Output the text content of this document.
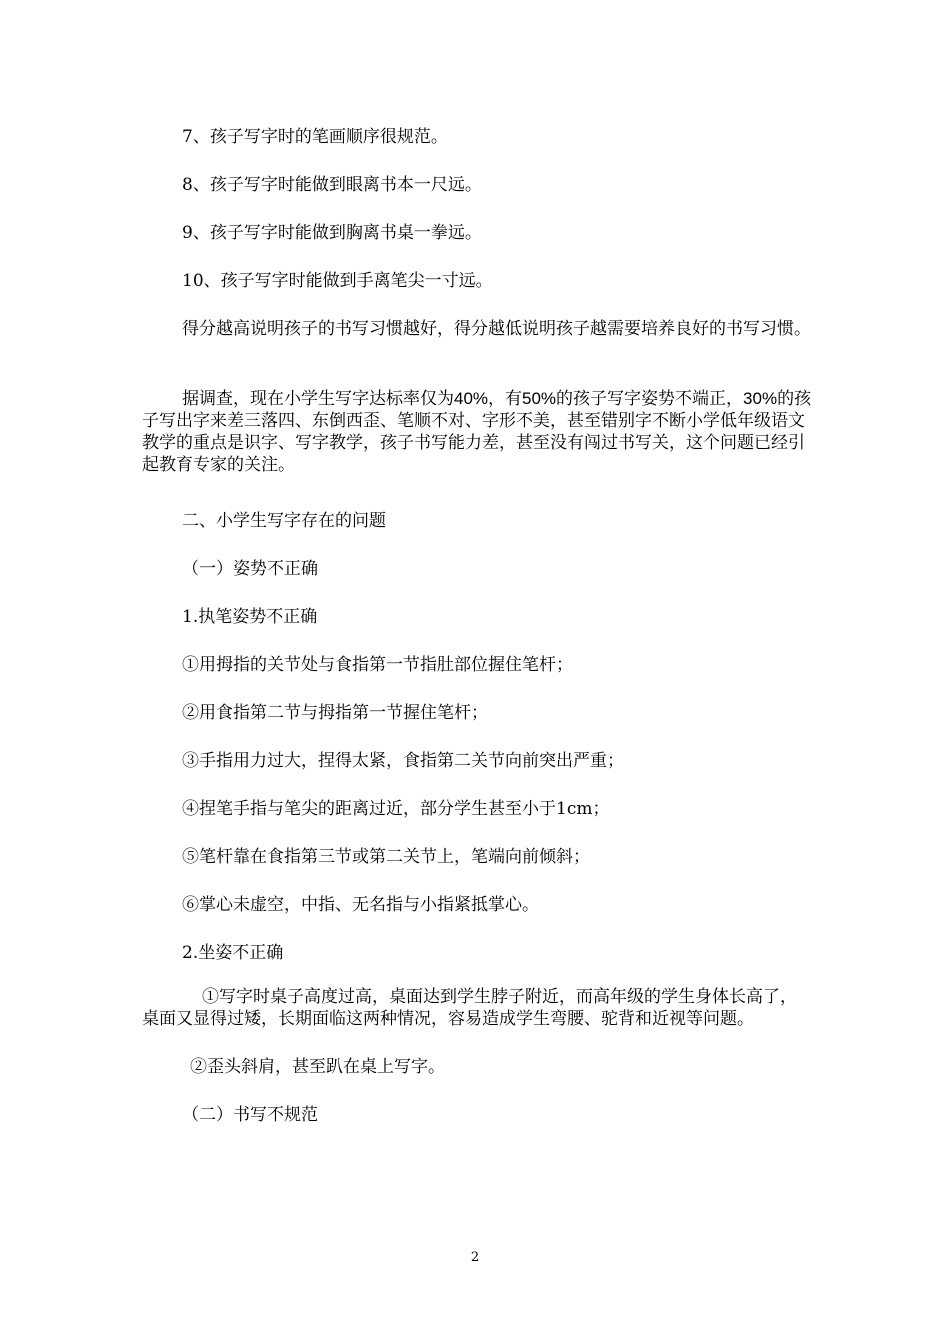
7、孩子写字时的笔画顺序很规范。

8、孩子写字时能做到眼离书本一尺远。

9、孩子写字时能做到胸离书桌一拳远。

10、孩子写字时能做到手离笔尖一寸远。

得分越高说明孩子的书写习惯越好，得分越低说明孩子越需要培养良好的书写习惯。

据调查，现在小学生写字达标率仅为40%，有50%的孩子写字姿势不端正，30%的孩子写出字来差三落四、东倒西歪、笔顺不对、字形不美，甚至错别字不断小学低年级语文教学的重点是识字、写字教学，孩子书写能力差，甚至没有闯过书写关，这个问题已经引起教育专家的关注。

二、小学生写字存在的问题

（一）姿势不正确

1.执笔姿势不正确

①用拇指的关节处与食指第一节指肚部位握住笔杆；

②用食指第二节与拇指第一节握住笔杆；

③手指用力过大，捏得太紧，食指第二关节向前突出严重；

④捏笔手指与笔尖的距离过近，部分学生甚至小于1cm；

⑤笔杆靠在食指第三节或第二关节上，笔端向前倾斜；

⑥掌心未虚空，中指、无名指与小指紧抵掌心。

2.坐姿不正确

①写字时桌子高度过高，桌面达到学生脖子附近，而高年级的学生身体长高了，桌面又显得过矮，长期面临这两种情况，容易造成学生弯腰、驼背和近视等问题。

②歪头斜肩，甚至趴在桌上写字。

（二）书写不规范

2
